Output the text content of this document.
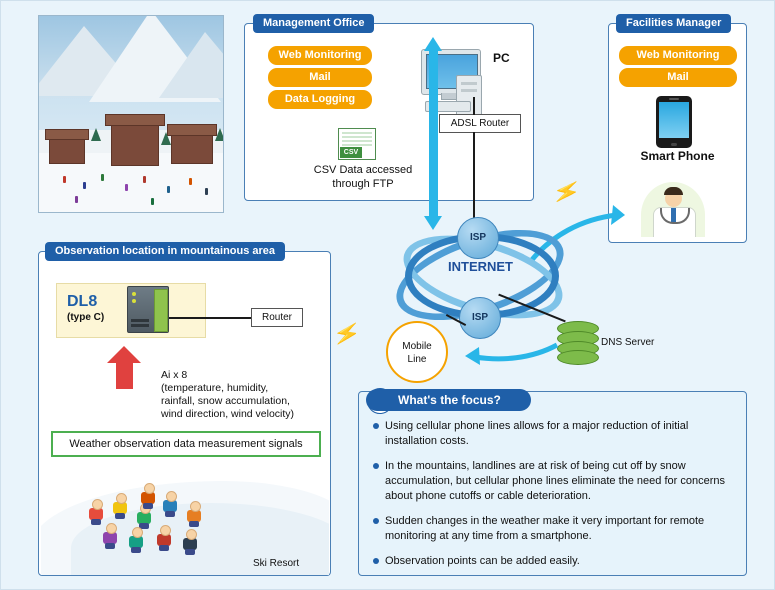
Management Office
Web Monitoring
Mail
Data Logging
CSV
CSV Data accessed
through FTP
PC
ADSL Router
Facilities Manager
Web Monitoring
Mail
Smart Phone
⚡
INTERNET
ISP
ISP
Mobile
Line
DNS Server
⚡
Observation location in mountainous area
DL8
(type C)	Router
Ai x 8
(temperature, humidity,
rainfall, snow accumulation,
wind direction, wind velocity)
Weather observation data measurement signals
Ski Resort
What's the focus?
Using cellular phone lines allows for a major reduction of initial installation costs.
In the mountains, landlines are at risk of being cut off by snow accumulation, but cellular phone lines eliminate the need for concerns about phone cutoffs or cable deterioration.
Sudden changes in the weather make it very important for remote monitoring at any time from a smartphone.
Observation points can be added easily.
